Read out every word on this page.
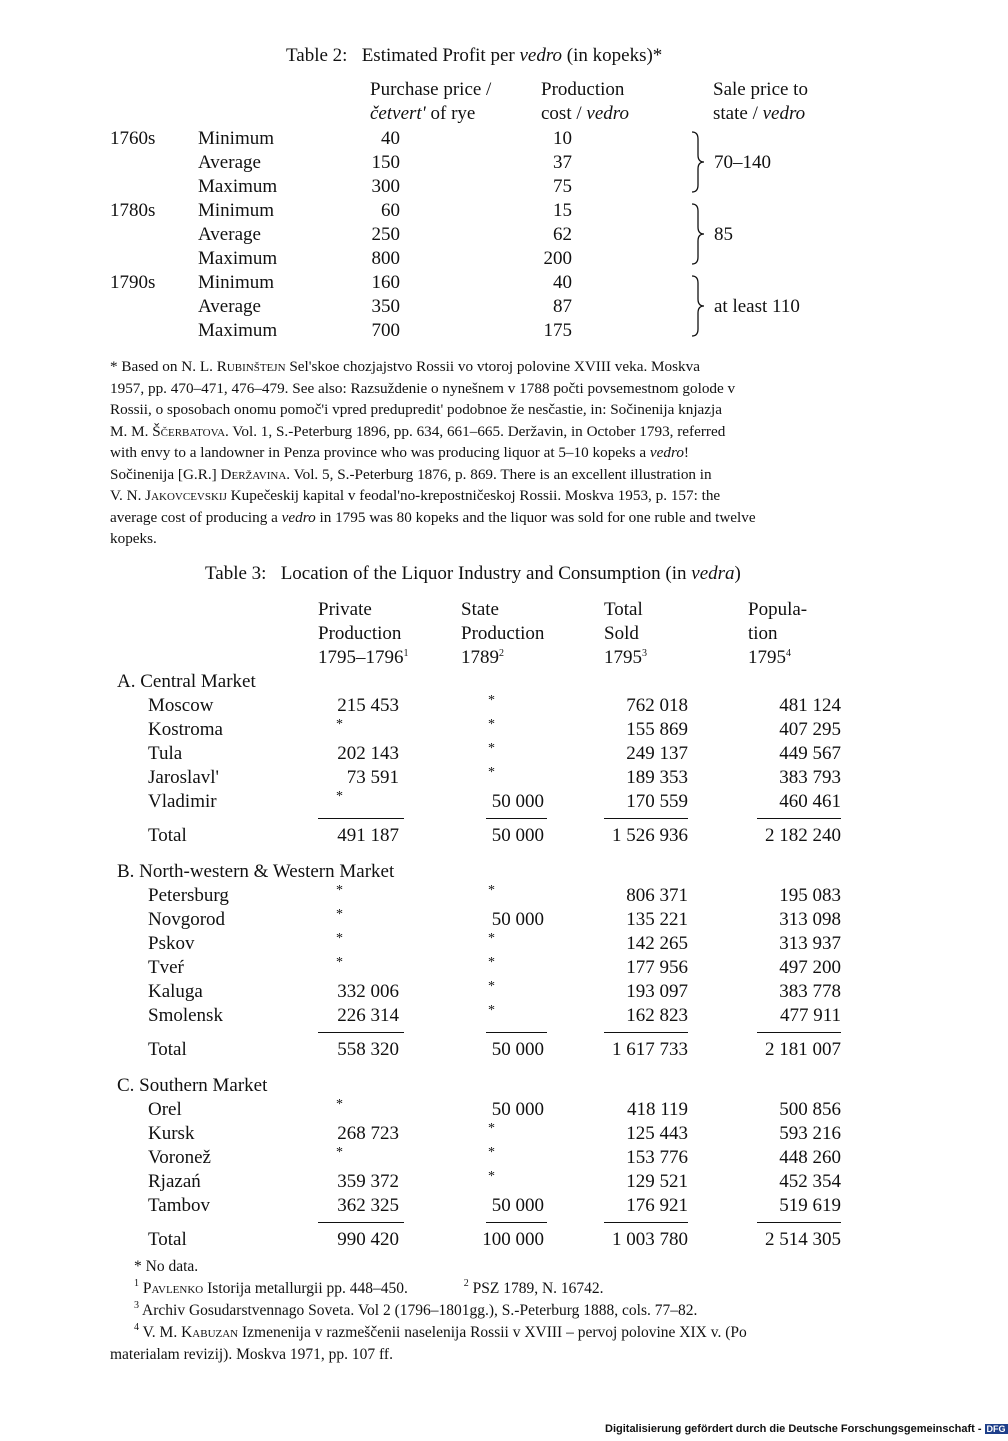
Table 2: Estimated Profit per vedro (in kopeks)*
Purchase price /
četvert' of rye
Production
cost / vedro
Sale price to
state / vedro
1760s Minimum	40	10
Average	150	37
Maximum	300	75
70–140
1780s Minimum	60	15
Average	250	62
Maximum	800	200
85
1790s Minimum	160	40
Average	350	87
Maximum	700	175
at least 110
* Based on N. L. Rubinštejn Sel'skoe chozjajstvo Rossii vo vtoroj polovine XVIII veka. Moskva
1957, pp. 470–471, 476–479. See also: Razsuždenie o nynešnem v 1788 počti povsemestnom golode v
Rossii, o sposobach onomu pomoč'i vpred predupredit' podobnoe že nesčastie, in: Sočinenija knjazja
M. M. Ščerbatova. Vol. 1, S.-Peterburg 1896, pp. 634, 661–665. Deržavin, in October 1793, referred
with envy to a landowner in Penza province who was producing liquor at 5–10 kopeks a vedro!
Sočinenija [G.R.] Deržavina. Vol. 5, S.-Peterburg 1876, p. 869. There is an excellent illustration in
V. N. Jakovcevskij Kupečeskij kapital v feodal'no-krepostničeskoj Rossii. Moskva 1953, p. 157: the
average cost of producing a vedro in 1795 was 80 kopeks and the liquor was sold for one ruble and twelve
kopeks.
Table 3: Location of the Liquor Industry and Consumption (in vedra)
Private
Production
1795–1796$^1$
State
Production
1789$^2$
Total
Sold
1795$^3$
Popula-
tion
1795$^4$
A. Central Market
Moscow	215 453	*	762 018	481 124
Kostroma	*	*	155 869	407 295
Tula	202 143	*	249 137	449 567
Jaroslavl'	73 591	*	189 353	383 793
Vladimir	*	50 000	170 559	460 461
Total	491 187	50 000	1 526 936	2 182 240
B. North-western & Western Market
Petersburg	*	*	806 371	195 083
Novgorod	*	50 000	135 221	313 098
Pskov	*	*	142 265	313 937
Tveŕ	*	*	177 956	497 200
Kaluga	332 006	*	193 097	383 778
Smolensk	226 314	*	162 823	477 911
Total	558 320	50 000	1 617 733	2 181 007
C. Southern Market
Orel	*	50 000	418 119	500 856
Kursk	268 723	*	125 443	593 216
Voronež	*	*	153 776	448 260
Rjazań	359 372	*	129 521	452 354
Tambov	362 325	50 000	176 921	519 619
Total	990 420	100 000	1 003 780	2 514 305

* No data.

$^1$ Pavlenko Istorija metallurgii pp. 448–450.	$^2$ PSZ 1789, N. 16742.

$^3$ Archiv Gosudarstvennago Soveta. Vol 2 (1796–1801gg.), S.-Peterburg 1888, cols. 77–82.

$^4$ V. M. Kabuzan Izmenenija v razmeščenii naselenija Rossii v XVIII – pervoj polovine XIX v. (Po

materialam revizij). Moskva 1971, pp. 107 ff.

Digitalisierung gefördert durch die Deutsche Forschungsgemeinschaft - DFG
